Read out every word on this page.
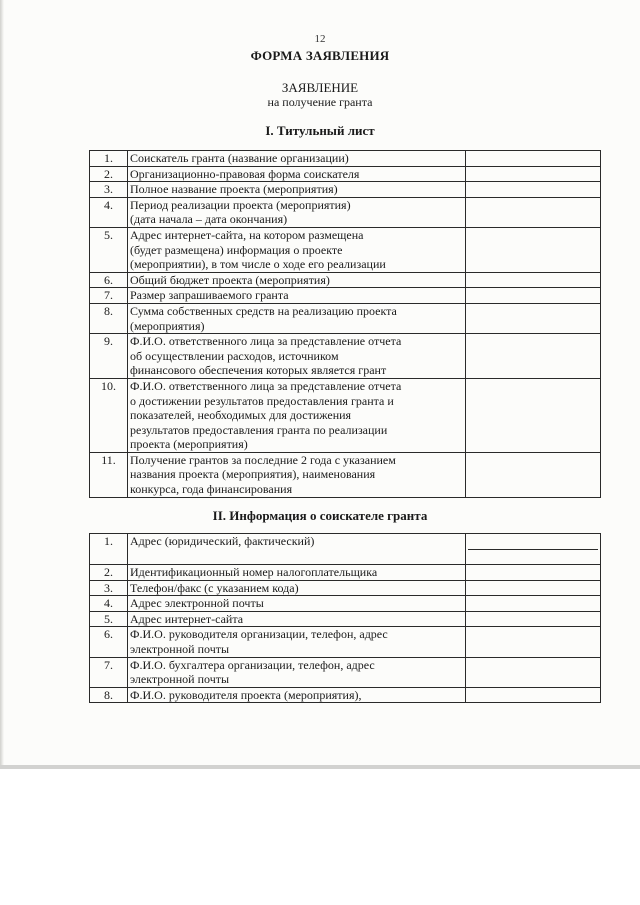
12
ФОРМА ЗАЯВЛЕНИЯ
ЗАЯВЛЕНИЕ
на получение гранта
I. Титульный лист
1.	Соискатель гранта (название организации)	
2.	Организационно-правовая форма соискателя	
3.	Полное название проекта (мероприятия)	
4.	Период реализации проекта (мероприятия)
(дата начала – дата окончания)	
5.	Адрес интернет-сайта, на котором размещена
(будет размещена) информация о проекте
(мероприятии), в том числе о ходе его реализации	
6.	Общий бюджет проекта (мероприятия)	
7.	Размер запрашиваемого гранта	
8.	Сумма собственных средств на реализацию проекта
(мероприятия)	
9.	Ф.И.О. ответственного лица за представление отчета
об осуществлении расходов, источником
финансового обеспечения которых является грант	
10.	Ф.И.О. ответственного лица за представление отчета
о достижении результатов предоставления гранта и
показателей, необходимых для достижения
результатов предоставления гранта по реализации
проекта (мероприятия)	
11.	Получение грантов за последние 2 года с указанием
названия проекта (мероприятия), наименования
конкурса, года финансирования	
II. Информация о соискателе гранта
1.	Адрес (юридический, фактический)	

2.	Идентификационный номер налогоплательщика	
3.	Телефон/факс (с указанием кода)	
4.	Адрес электронной почты	
5.	Адрес интернет-сайта	
6.	Ф.И.О. руководителя организации, телефон, адрес
электронной почты	
7.	Ф.И.О. бухгалтера организации, телефон, адрес
электронной почты	
8.	Ф.И.О. руководителя проекта (мероприятия),	
